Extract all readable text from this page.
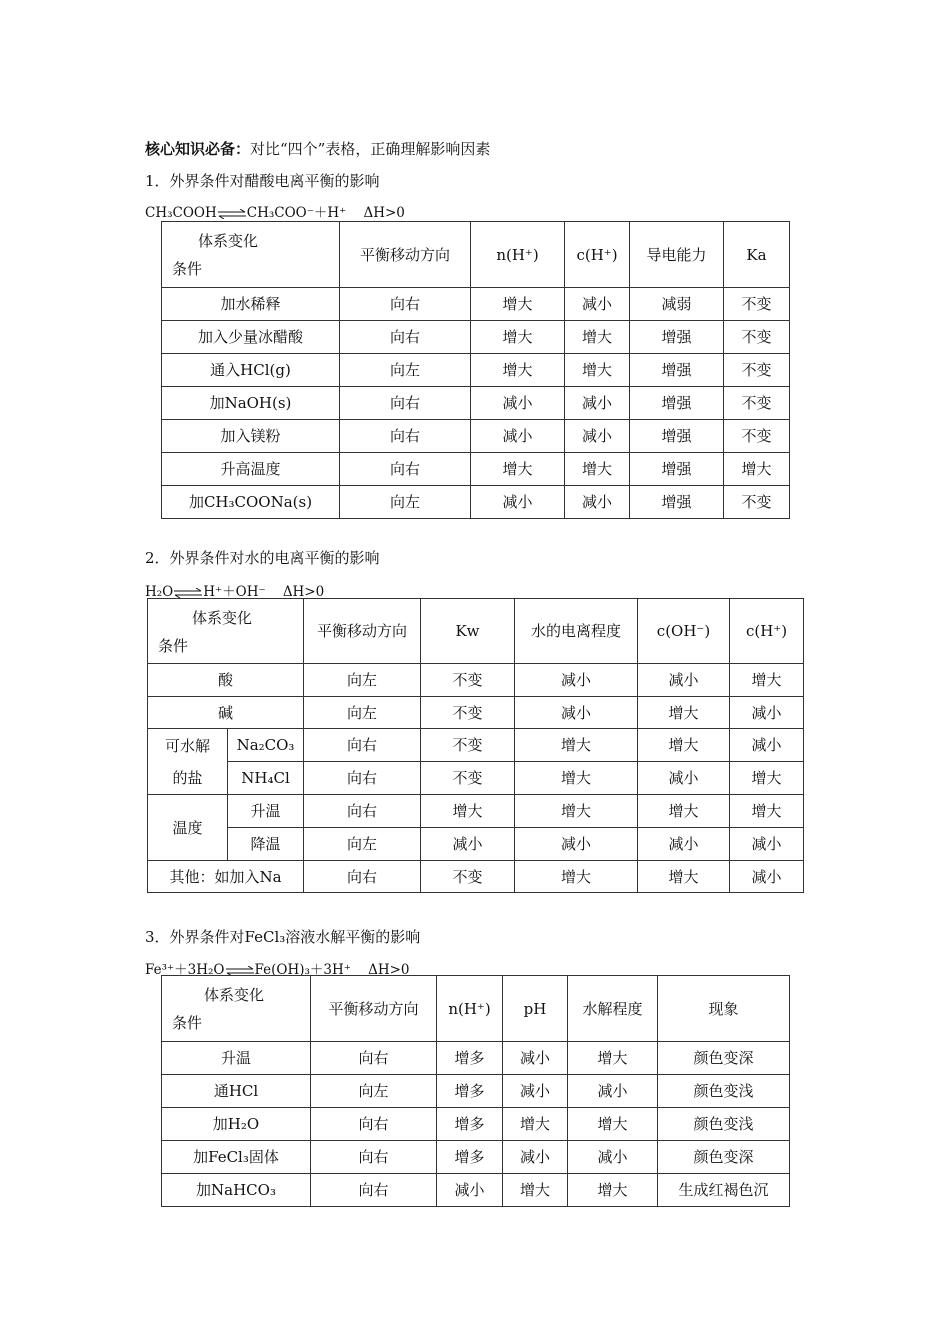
核心知识必备：对比“四个”表格，正确理解影响因素
1．外界条件对醋酸电离平衡的影响
CH₃COOH⇌CH₃COO⁻＋H⁺ ΔH>0
体系变化
条件	平衡移动方向	n(H⁺)	c(H⁺)	导电能力	Ka
加水稀释	向右	增大	减小	减弱	不变
加入少量冰醋酸	向右	增大	增大	增强	不变
通入HCl(g)	向左	增大	增大	增强	不变
加NaOH(s)	向右	减小	减小	增强	不变
加入镁粉	向右	减小	减小	增强	不变
升高温度	向右	增大	增大	增强	增大
加CH₃COONa(s)	向左	减小	减小	增强	不变
2．外界条件对水的电离平衡的影响
H₂O⇌H⁺＋OH⁻ ΔH>0
体系变化
条件		平衡移动方向	Kw	水的电离程度	c(OH⁻)	c(H⁺)
酸		向左	不变	减小	减小	增大
碱		向左	不变	减小	增大	减小
可水解
的盐	Na₂CO₃	向右	不变	增大	增大	减小
	NH₄Cl	向右	不变	增大	减小	增大
温度	升温	向右	增大	增大	增大	增大
	降温	向左	减小	减小	减小	减小
其他：如加入Na		向右	不变	增大	增大	减小
3．外界条件对FeCl₃溶液水解平衡的影响
Fe³⁺＋3H₂O⇌Fe(OH)₃＋3H⁺ ΔH>0
体系变化
条件	平衡移动方向	n(H⁺)	pH	水解程度	现象
升温	向右	增多	减小	增大	颜色变深
通HCl	向左	增多	减小	减小	颜色变浅
加H₂O	向右	增多	增大	增大	颜色变浅
加FeCl₃固体	向右	增多	减小	减小	颜色变深
加NaHCO₃	向右	减小	增大	增大	生成红褐色沉
